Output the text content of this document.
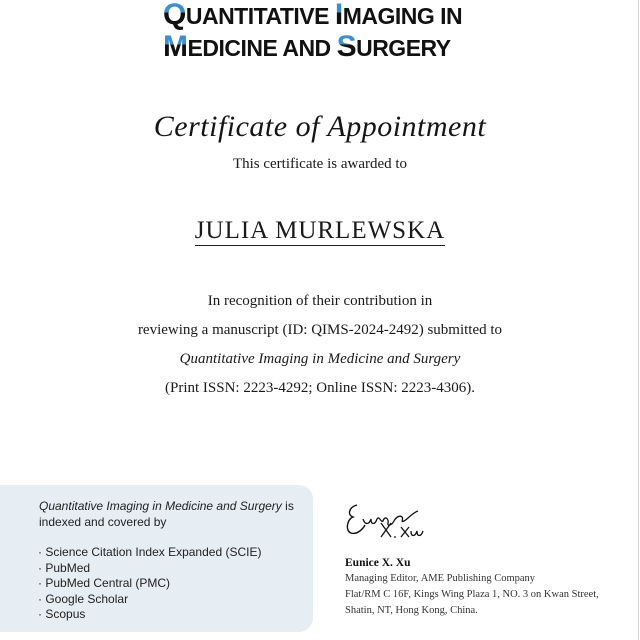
QUANTITATIVE IMAGING IN
MEDICINE AND SURGERY
Certificate of Appointment
This certificate is awarded to
JULIA MURLEWSKA
In recognition of their contribution in
reviewing a manuscript (ID: QIMS-2024-2492) submitted to
Quantitative Imaging in Medicine and Surgery
(Print ISSN: 2223-4292; Online ISSN: 2223-4306).
Quantitative Imaging in Medicine and Surgery is indexed and covered by
· Science Citation Index Expanded (SCIE)
· PubMed
· PubMed Central (PMC)
· Google Scholar
· Scopus
Eunice X. Xu
Managing Editor, AME Publishing Company
Flat/RM C 16F, Kings Wing Plaza 1, NO. 3 on Kwan Street,
Shatin, NT, Hong Kong, China.
